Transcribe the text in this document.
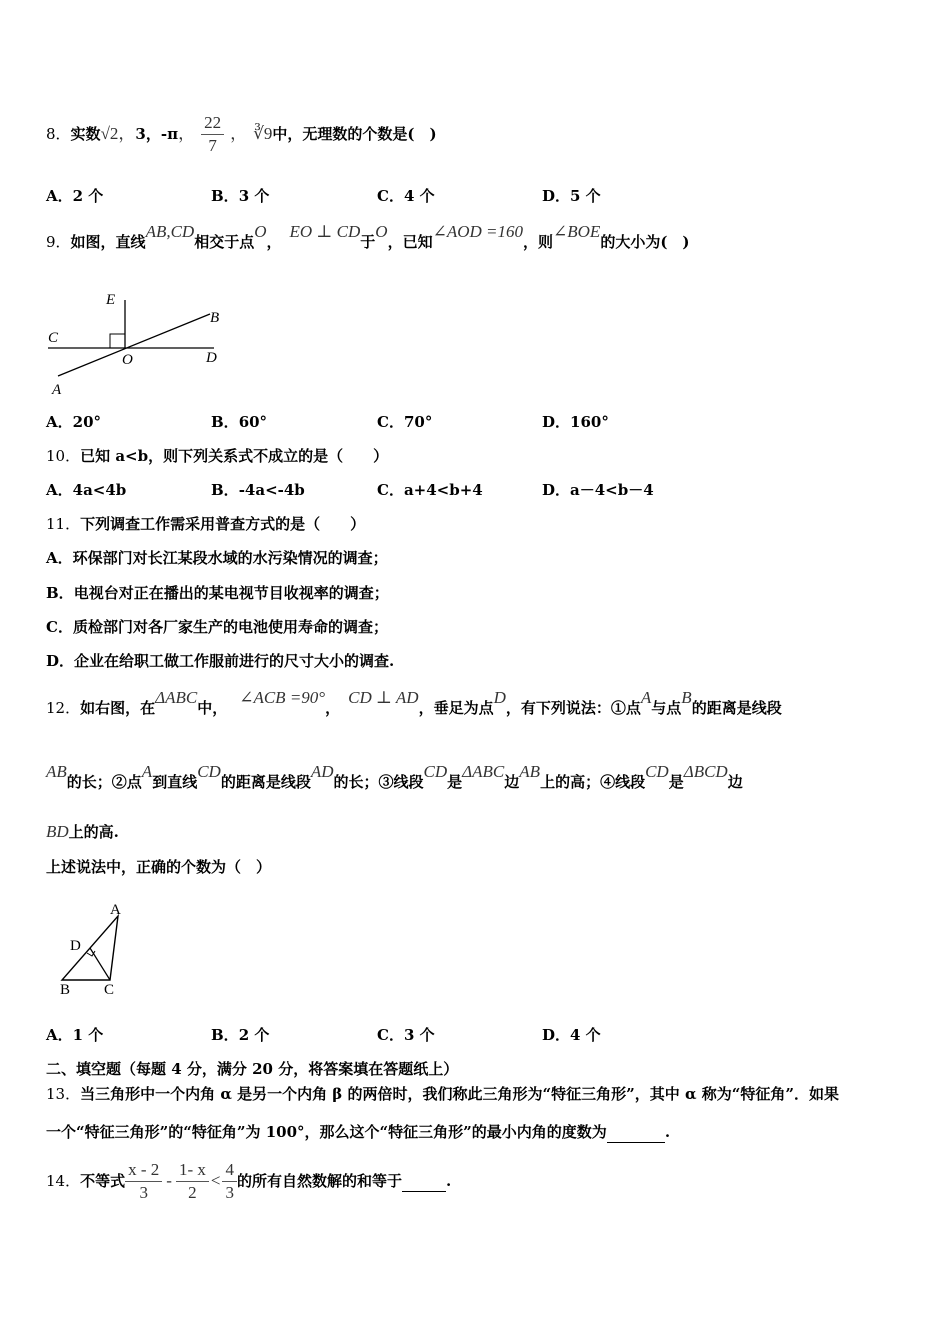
8． 实数 √2 ， 3，-π ， $\frac{22}{7}$ ， ∛9 中，无理数的个数是(　)
A．2 个	B．3 个	C．4 个	D．5 个
9．如图，直线AB,CD相交于点O，EO ⊥ CD于O，已知∠AOD =160，则∠BOE的大小为(　)
E
C
O	D
B
A
A．20°	B．60°	C．70°	D．160°
10．已知 a<b，则下列关系式不成立的是（　　）
A．4a<4b	B．-4a<-4b	C．a+4<b+4	D．a－4<b－4
11．下列调查工作需采用普查方式的是（　　）
A．环保部门对长江某段水域的水污染情况的调查；
B．电视台对正在播出的某电视节目收视率的调查；
C．质检部门对各厂家生产的电池使用寿命的调查；
D．企业在给职工做工作服前进行的尺寸大小的调查.
12．如右图，在ΔABC中，∠ACB =90°，CD ⊥ AD，垂足为点D，有下列说法：①点A与点B的距离是线段
AB的长；②点A到直线CD的距离是线段AD的长；③线段CD是ΔABC边AB上的高；④线段CD是ΔBCD边
BD上的高.
上述说法中，正确的个数为（　）
A
D
B C
A．1 个	B．2 个	C．3 个	D．4 个
二、填空题（每题 4 分，满分 20 分，将答案填在答题纸上）
13．当三角形中一个内角 α 是另一个内角 β 的两倍时，我们称此三角形为“特征三角形”，其中 α 称为“特征角”．如果
一个“特征三角形”的“特征角”为 100°，那么这个“特征三角形”的最小内角的度数为	.
14． 不等式 $\frac{x - 2}{3} - \frac{1- x}{2} < \frac{4}{3}$ 的所有自然数解的和等于
	.
